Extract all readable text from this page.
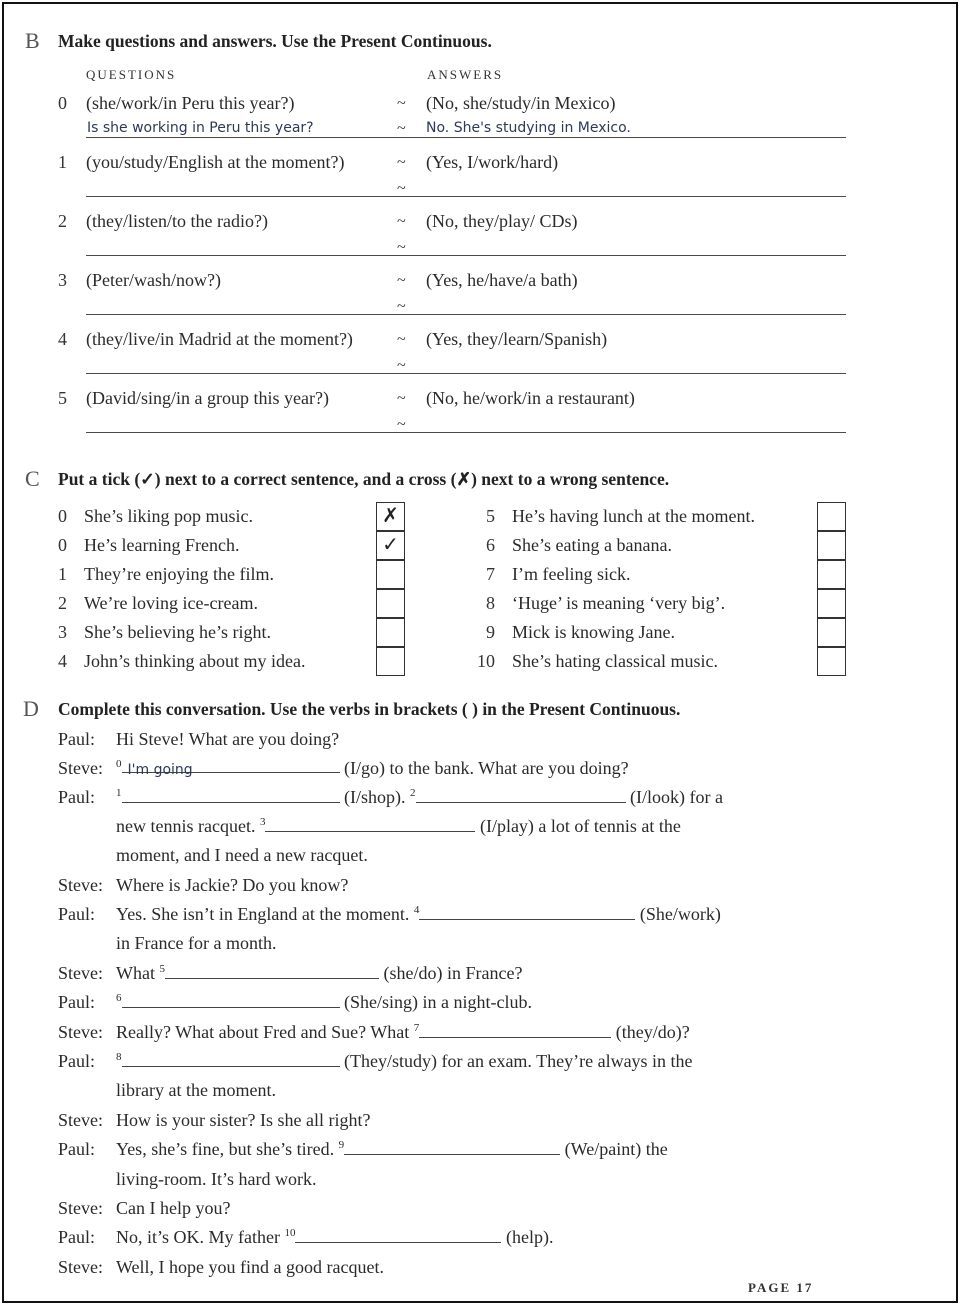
B Make questions and answers. Use the Present Continuous.
QUESTIONS	ANSWERS
0 (she/work/in Peru this year?)	~ (No, she/study/in Mexico)
Is she working in Peru this year?	~ No. She's studying in Mexico.
1 (you/study/English at the moment?)	~ (Yes, I/work/hard)
~
2 (they/listen/to the radio?)	~ (No, they/play/ CDs)
~
3 (Peter/wash/now?)	~ (Yes, he/have/a bath)
~
4 (they/live/in Madrid at the moment?)	~ (Yes, they/learn/Spanish)
~
5 (David/sing/in a group this year?)	~ (No, he/work/in a restaurant)
~
C Put a tick (✓) next to a correct sentence, and a cross (✗) next to a wrong sentence.
0 She’s liking pop music.	✗
0 He’s learning French.	✓
1 They’re enjoying the film.
2 We’re loving ice-cream.
3 She’s believing he’s right.
4 John’s thinking about my idea.
5 He’s having lunch at the moment.
6 She’s eating a banana.
7 I’m feeling sick.
8 ‘Huge’ is meaning ‘very big’.
9 Mick is knowing Jane.
10 She’s hating classical music.
D Complete this conversation. Use the verbs in brackets ( ) in the Present Continuous.
Paul: Hi Steve! What are you doing?
Steve: $^0$ I'm going	(I/go) to the bank. What are you doing?
Paul: $^1$	(I/shop). $^2$	(I/look) for a
new tennis racquet. $^3$	(I/play) a lot of tennis at the
moment, and I need a new racquet.
Steve: Where is Jackie? Do you know?
Paul: Yes. She isn’t in England at the moment. $^4$	(She/work)
in France for a month.
Steve: What $^5$	(she/do) in France?
Paul: $^6$	(She/sing) in a night-club.
Steve: Really? What about Fred and Sue? What $^7$	(they/do)?
Paul: $^8$	(They/study) for an exam. They’re always in the
library at the moment.
Steve: How is your sister? Is she all right?
Paul: Yes, she’s fine, but she’s tired. $^9$	(We/paint) the
living-room. It’s hard work.
Steve: Can I help you?
Paul: No, it’s OK. My father $^{10}$	(help).
Steve: Well, I hope you find a good racquet.
PAGE 17
